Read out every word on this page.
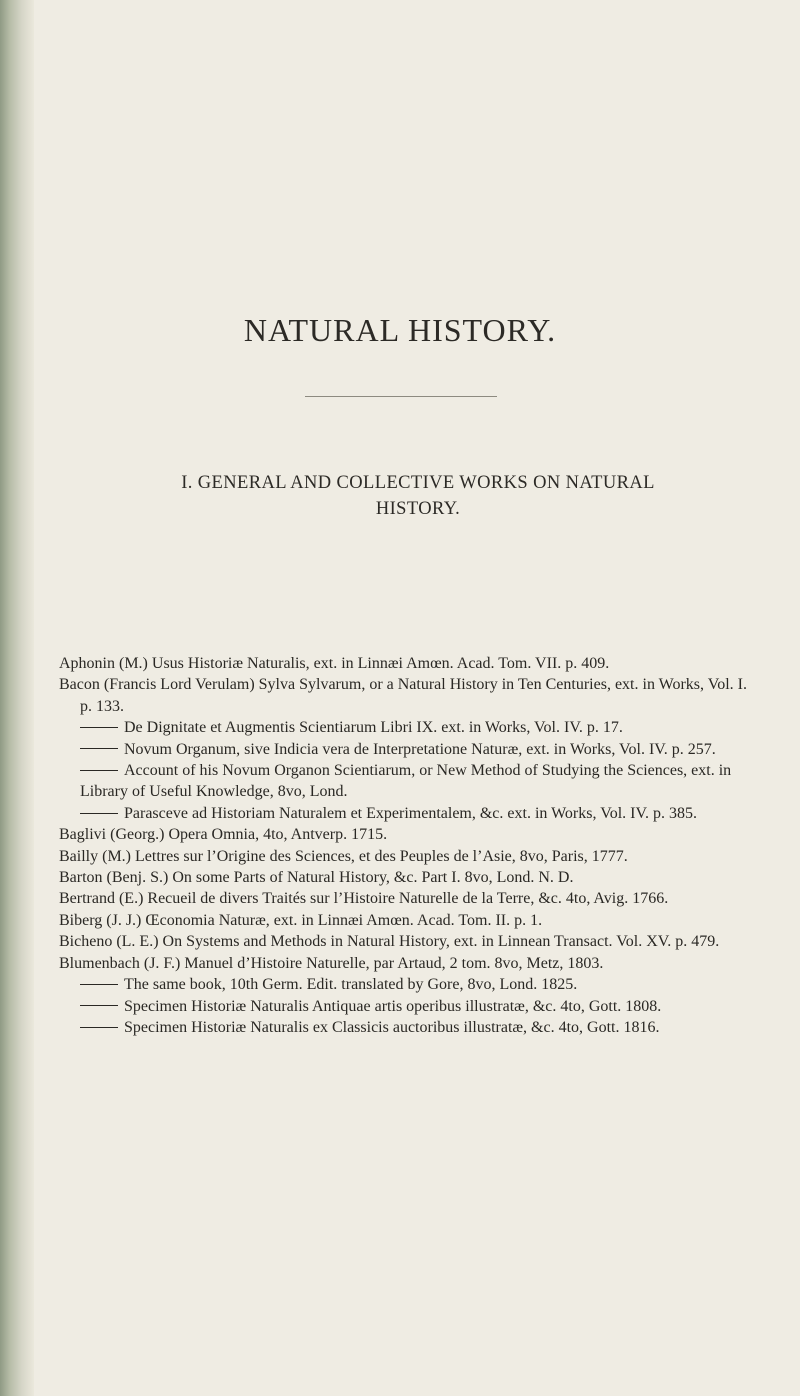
NATURAL HISTORY.
I. GENERAL AND COLLECTIVE WORKS ON NATURAL
HISTORY.
Aphonin (M.) Usus Historiæ Naturalis, ext. in Linnæi Amœn. Acad. Tom. VII. p. 409.
Bacon (Francis Lord Verulam) Sylva Sylvarum, or a Natural History in Ten Centuries, ext. in Works, Vol. I. p. 133.
De Dignitate et Augmentis Scientiarum Libri IX. ext. in Works, Vol. IV. p. 17.
Novum Organum, sive Indicia vera de Interpretatione Naturæ, ext. in Works, Vol. IV. p. 257.
Account of his Novum Organon Scientiarum, or New Method of Studying the Sciences, ext. in Library of Useful Knowledge, 8vo, Lond.
Parasceve ad Historiam Naturalem et Experimentalem, &c. ext. in Works, Vol. IV. p. 385.
Baglivi (Georg.) Opera Omnia, 4to, Antverp. 1715.
Bailly (M.) Lettres sur l’Origine des Sciences, et des Peuples de l’Asie, 8vo, Paris, 1777.
Barton (Benj. S.) On some Parts of Natural History, &c. Part I. 8vo, Lond. N. D.
Bertrand (E.) Recueil de divers Traités sur l’Histoire Naturelle de la Terre, &c. 4to, Avig. 1766.
Biberg (J. J.) Œconomia Naturæ, ext. in Linnæi Amœn. Acad. Tom. II. p. 1.
Bicheno (L. E.) On Systems and Methods in Natural History, ext. in Linnean Transact. Vol. XV. p. 479.
Blumenbach (J. F.) Manuel d’Histoire Naturelle, par Artaud, 2 tom. 8vo, Metz, 1803.
The same book, 10th Germ. Edit. translated by Gore, 8vo, Lond. 1825.
Specimen Historiæ Naturalis Antiquae artis operibus illustratæ, &c. 4to, Gott. 1808.
Specimen Historiæ Naturalis ex Classicis auctoribus illustratæ, &c. 4to, Gott. 1816.
